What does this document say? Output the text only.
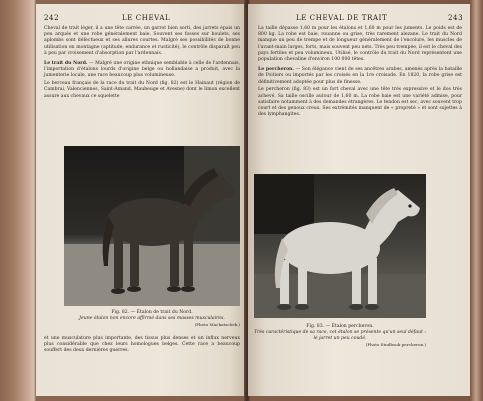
242	LE CHEVAL

Cheval de trait léger, il a une tête carrée, un garrot bien sorti, des jarrets épais un peu arqués et une robe généralement baie. Souvent ses fosses sur boulets, ses aplombs sont défectueux et ses allures courtes. Malgré ses possibilités de bonne utilisation en montagne (aptitude, endurance et rusticité), le contrôle disparaît peu à peu par croisement d'absorption par l'ardennais.

Le trait du Nord. — Malgré une origine ethnique semblable à celle de l'ardennais, l'importation d'étalons lourds d'origine belge ou hollandaise a produit, avec la jumenterie locale, une race beaucoup plus volumineuse.

Le berceau français de la race du trait du Nord (fig. 82) est le Hainaut (région de Cambrai, Valenciennes, Saint-Amand, Maubeuge et Avesne) dont le limon excellent assure aux chevaux ce squelette

Fig. 82. — Étalon de trait du Nord.
Jeune étalon non encore affirmé dans ses masses musculaires.
(Photo Machatschek.)
et une musculature plus importante, des tissus plus denses et un influx nerveux plus considérable que chez leurs homologues belges. Cette race a beaucoup souffert des deux dernières guerres.
LE CHEVAL DE TRAIT	243

La taille dépasse 1,60 m pour les étalons et 1,60 m pour les juments. Le poids est de 800 kg. La robe est baie, rouanne ou grise, très rarement alezane. Le trait du Nord manque un peu de trempe et de longueur généralement de l'encolure, les muscles de l'avant-main larges, forts, mais souvent peu nets. Très peu trempée, il est le cheval des pays fertiles et peu volumineux. Utilisé, le contrôle du trait du Nord représentent une population chevaline d'environ 100 000 têtes.

Le percheron. — Son élégance vient de ses ancêtres arabes, amenés après la bataille de Poitiers ou importés par les croisés en la 1re croisade. En 1820, la robe grise est définitivement adoptée pour plus de finesse.

Le percheron (fig. 83) est un fort cheval avec une tête très expressive et le dos très achevé. Sa taille oscille autour de 1,60 m. La robe baie est une variété admise, pour satisfaire notamment à des demandes étrangères. Le tendon est sec, avec souvent trop court et des genoux creux. Ses extrémités manquent de « propreté » et sont sujettes à des lymphangites.

Fig. 83. — Étalon percheron.
Très caractéristique de sa race, cet étalon se présente qu'un seul défaut : le jarret un peu coudé.
(Photo Studbook percheron.)
